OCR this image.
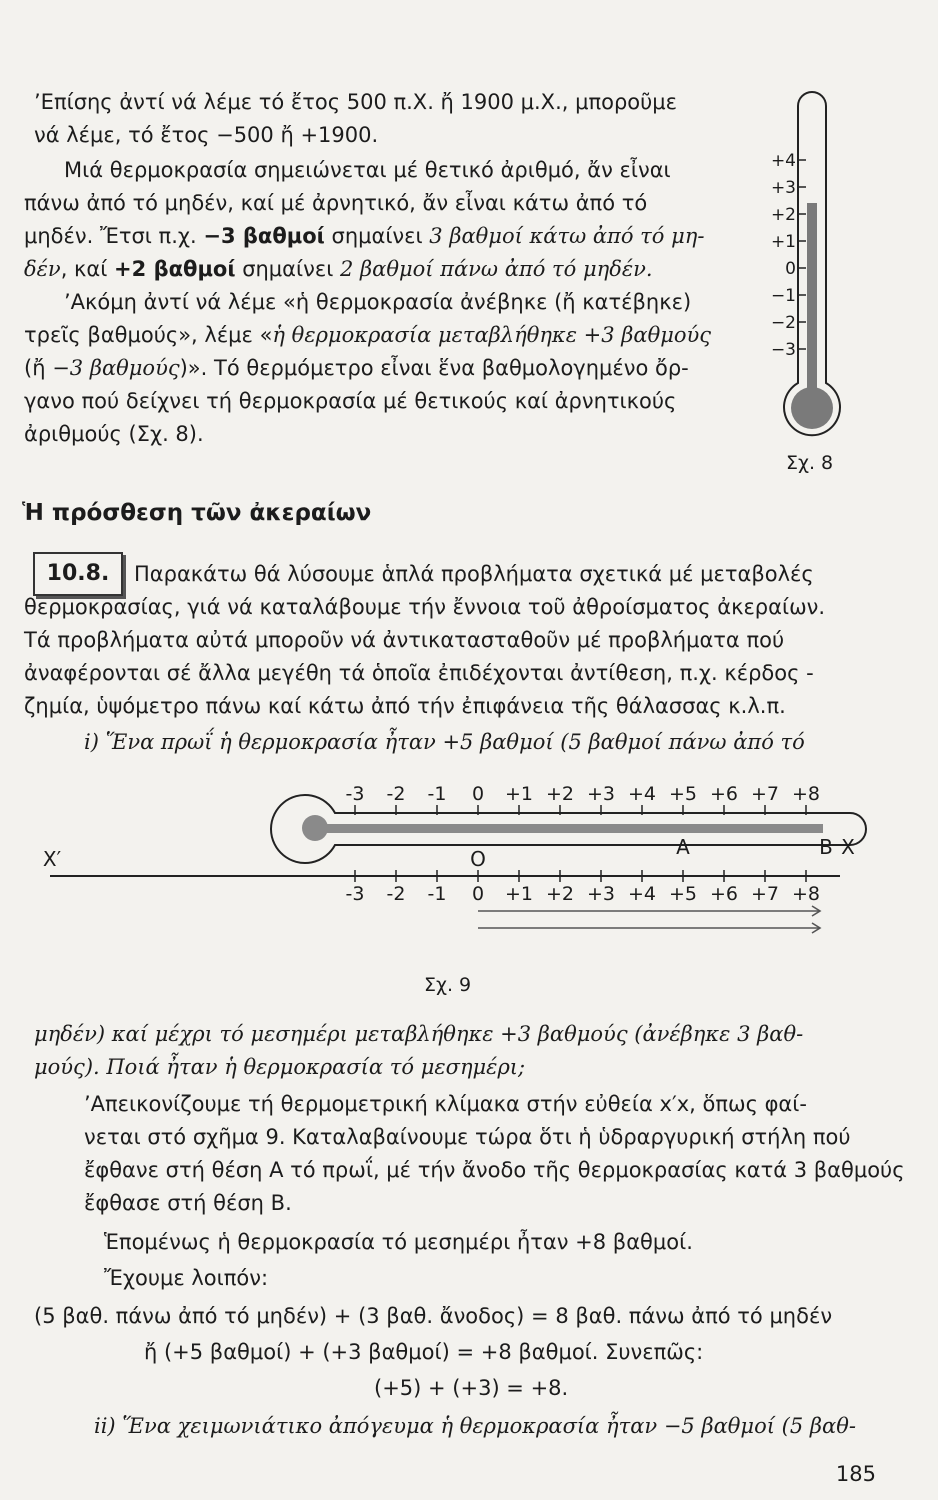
’Επίσης ἀντί νά λέμε τό ἔτος 500 π.Χ. ἤ 1900 μ.Χ., μποροῦμε
νά λέμε, τό ἔτος −500 ἤ +1900.
Μιά θερμοκρασία σημειώνεται μέ θετικό ἀριθμό, ἄν εἶναι
πάνω ἀπό τό μηδέν, καί μέ ἀρνητικό, ἄν εἶναι κάτω ἀπό τό
μηδέν. Ἔτσι π.χ. −3 βαθμοί σημαίνει 3 βαθμοί κάτω ἀπό τό μη-
δέν, καί +2 βαθμοί σημαίνει 2 βαθμοί πάνω ἀπό τό μηδέν.
’Ακόμη ἀντί νά λέμε «ἡ θερμοκρασία ἀνέβηκε (ἤ κατέβηκε)
τρεῖς βαθμούς», λέμε «ἡ θερμοκρασία μεταβλήθηκε +3 βαθμούς
(ἤ −3 βαθμούς)». Τό θερμόμετρο εἶναι ἕνα βαθμολογημένο ὄρ-
γανο πού δείχνει τή θερμοκρασία μέ θετικούς καί ἀρνητικούς
ἀριθμούς (Σχ. 8).
+4
+3
+2
+1
0
−1
−2
−3
Σχ. 8
Ἡ πρόσθεση τῶν ἀκεραίων
10.8.	Παρακάτω θά λύσουμε ἁπλά προβλήματα σχετικά μέ μεταβολές
θερμοκρασίας, γιά νά καταλάβουμε τήν ἔννοια τοῦ ἀθροίσματος ἀκεραίων.
Τά προβλήματα αὐτά μποροῦν νά ἀντικατασταθοῦν μέ προβλήματα πού
ἀναφέρονται σέ ἄλλα μεγέθη τά ὁποῖα ἐπιδέχονται ἀντίθεση, π.χ. κέρδος -
ζημία, ὑψόμετρο πάνω καί κάτω ἀπό τήν ἐπιφάνεια τῆς θάλασσας κ.λ.π.
i) Ἕνα πρωΐ ἡ θερμοκρασία ἦταν +5 βαθμοί (5 βαθμοί πάνω ἀπό τό
-3 -2 -1 0 +1 +2 +3 +4 +5 +6 +7 +8
X′	O	A	B X
-3 -2 -1 0 +1 +2 +3 +4 +5 +6 +7 +8
Σχ. 9
μηδέν) καί μέχρι τό μεσημέρι μεταβλήθηκε +3 βαθμούς (ἀνέβηκε 3 βαθ-
μούς). Ποιά ἦταν ἡ θερμοκρασία τό μεσημέρι;
’Απεικονίζουμε τή θερμομετρική κλίμακα στήν εὐθεία x′x, ὅπως φαί-
νεται στό σχῆμα 9. Καταλαβαίνουμε τώρα ὅτι ἡ ὑδραργυρική στήλη πού
ἔφθανε στή θέση A τό πρωΐ, μέ τήν ἄνοδο τῆς θερμοκρασίας κατά 3 βαθμούς
ἔφθασε στή θέση B.
Ἑπομένως ἡ θερμοκρασία τό μεσημέρι ἦταν +8 βαθμοί.
Ἔχουμε λοιπόν:
(5 βαθ. πάνω ἀπό τό μηδέν) + (3 βαθ. ἄνοδος) = 8 βαθ. πάνω ἀπό τό μηδέν
ἤ (+5 βαθμοί) + (+3 βαθμοί) = +8 βαθμοί. Συνεπῶς:
(+5) + (+3) = +8.
ii) Ἕνα χειμωνιάτικο ἀπόγευμα ἡ θερμοκρασία ἦταν −5 βαθμοί (5 βαθ-
185
